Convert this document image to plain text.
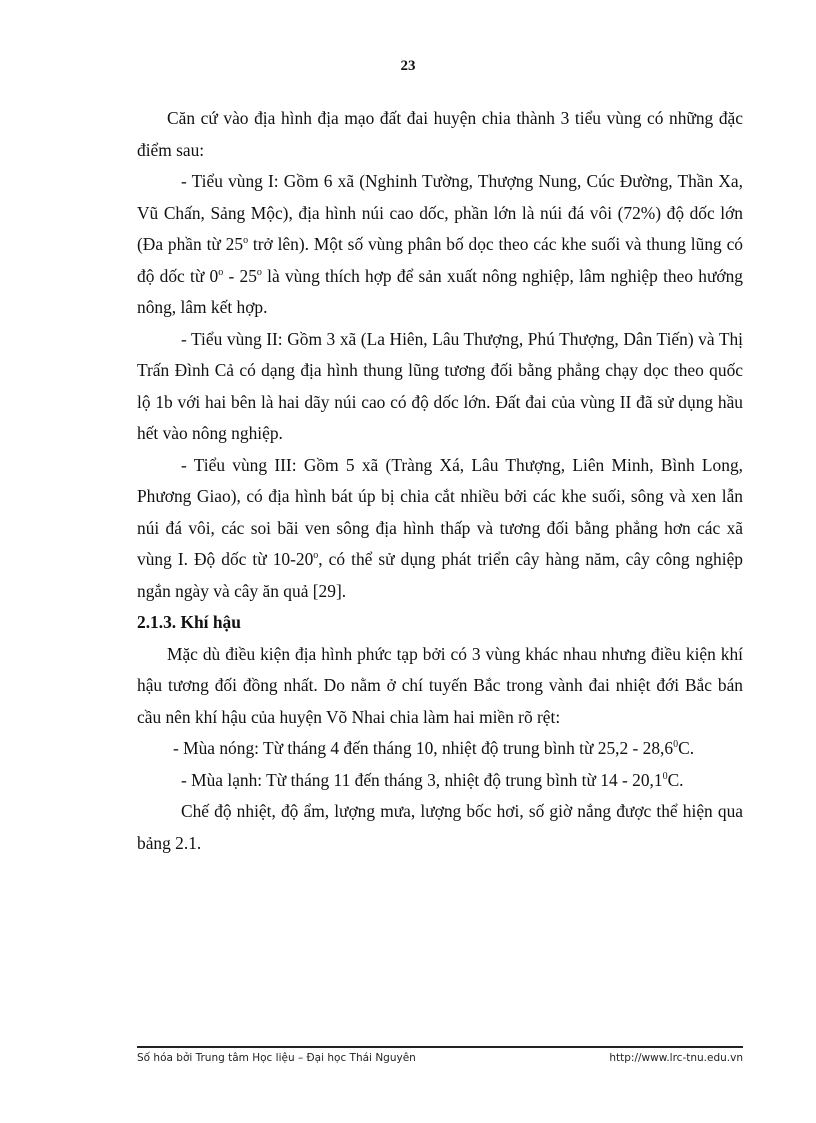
23

Căn cứ vào địa hình địa mạo đất đai huyện chia thành 3 tiểu vùng có những đặc điểm sau:

- Tiểu vùng I: Gồm 6 xã (Nghinh Tường, Thượng Nung, Cúc Đường, Thần Xa, Vũ Chấn, Sảng Mộc), địa hình núi cao dốc, phần lớn là núi đá vôi (72%) độ dốc lớn (Đa phần từ 25$^o$ trở lên). Một số vùng phân bố dọc theo các khe suối và thung lũng có độ dốc từ 0$^o$ - 25$^o$ là vùng thích hợp để sản xuất nông nghiệp, lâm nghiệp theo hướng nông, lâm kết hợp.

- Tiểu vùng II: Gồm 3 xã (La Hiên, Lâu Thượng, Phú Thượng, Dân Tiến) và Thị Trấn Đình Cả có dạng địa hình thung lũng tương đối bằng phẳng chạy dọc theo quốc lộ 1b với hai bên là hai dãy núi cao có độ dốc lớn. Đất đai của vùng II đã sử dụng hầu hết vào nông nghiệp.

- Tiểu vùng III: Gồm 5 xã (Tràng Xá, Lâu Thượng, Liên Minh, Bình Long, Phương Giao), có địa hình bát úp bị chia cắt nhiều bởi các khe suối, sông và xen lẫn núi đá vôi, các soi bãi ven sông địa hình thấp và tương đối bằng phẳng hơn các xã vùng I. Độ dốc từ 10-20$^o$, có thể sử dụng phát triển cây hàng năm, cây công nghiệp ngắn ngày và cây ăn quả [29].

2.1.3. Khí hậu

Mặc dù điều kiện địa hình phức tạp bởi có 3 vùng khác nhau nhưng điều kiện khí hậu tương đối đồng nhất. Do nằm ở chí tuyến Bắc trong vành đai nhiệt đới Bắc bán cầu nên khí hậu của huyện Võ Nhai chia làm hai miền rõ rệt:

- Mùa nóng: Từ tháng 4 đến tháng 10, nhiệt độ trung bình từ 25,2 - 28,6$^0$C.

- Mùa lạnh: Từ tháng 11 đến tháng 3, nhiệt độ trung bình từ 14 - 20,1$^0$C.

Chế độ nhiệt, độ ẩm, lượng mưa, lượng bốc hơi, số giờ nắng được thể hiện qua bảng 2.1.

Số hóa bởi Trung tâm Học liệu – Đại học Thái Nguyên	http://www.lrc-tnu.edu.vn
